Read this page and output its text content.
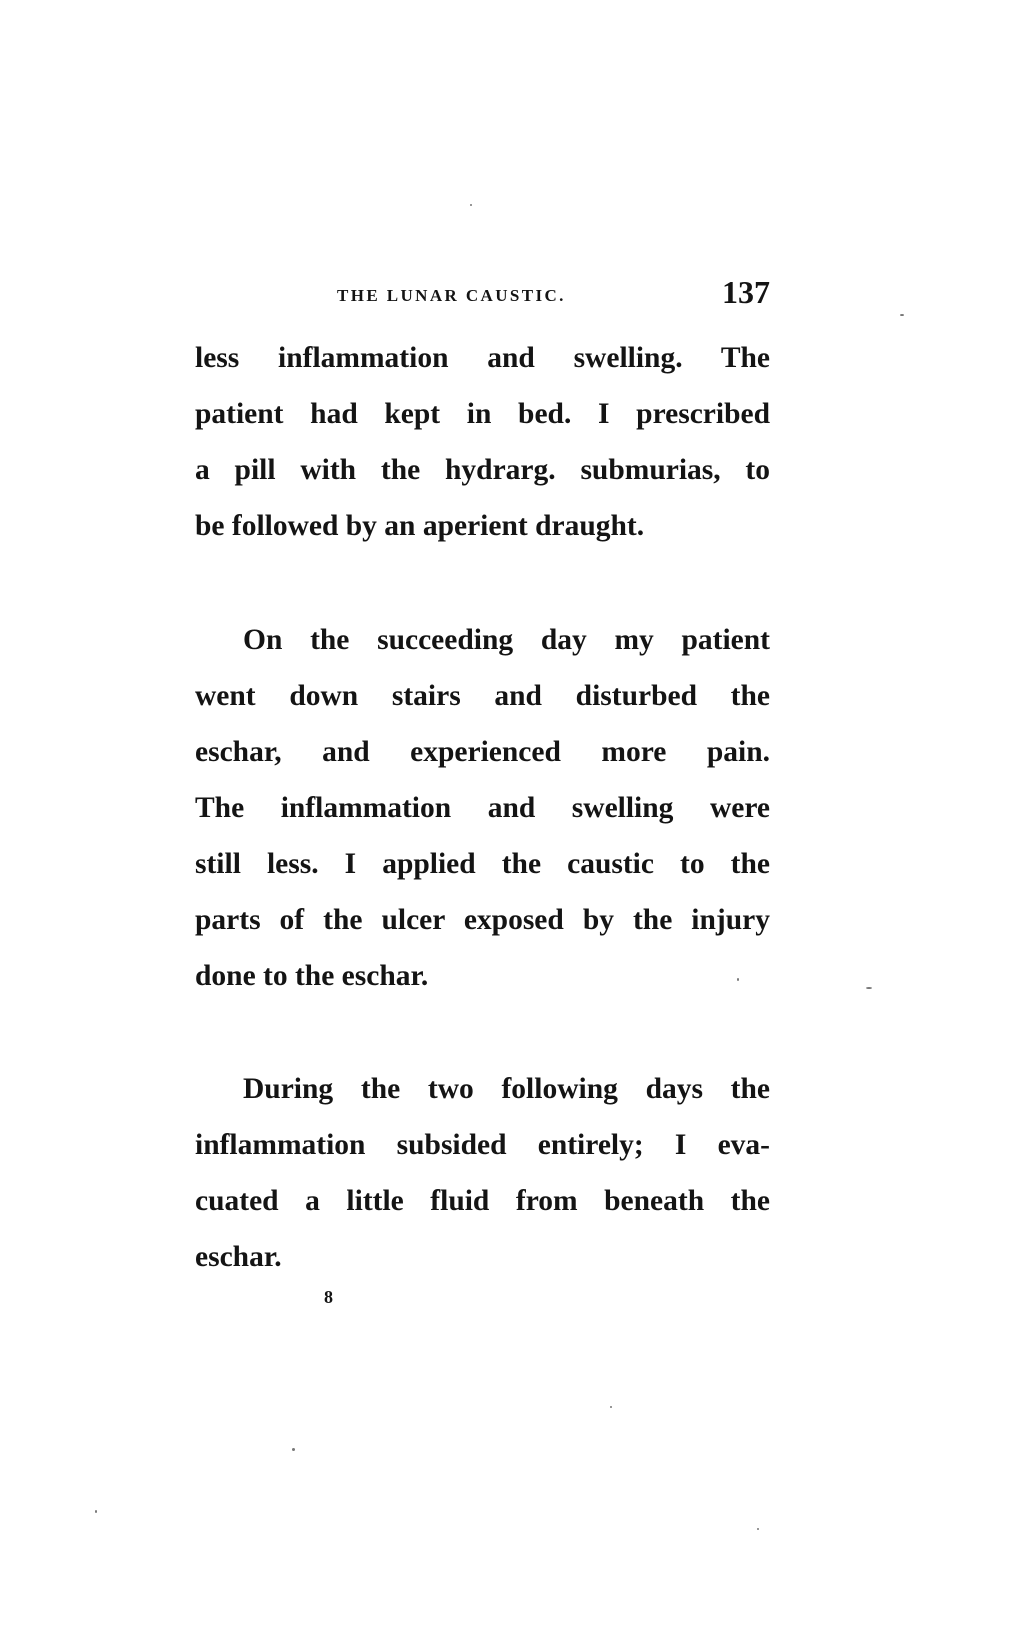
THE LUNAR CAUSTIC.	137
less inflammation and swelling. The
patient had kept in bed. I prescribed
a pill with the hydrarg. submurias, to
be followed by an aperient draught.
On the succeeding day my patient
went down stairs and disturbed the
eschar, and experienced more pain.
The inflammation and swelling were
still less. I applied the caustic to the
parts of the ulcer exposed by the injury
done to the eschar.
During the two following days the
inflammation subsided entirely; I eva-
cuated a little fluid from beneath the
eschar.
8
